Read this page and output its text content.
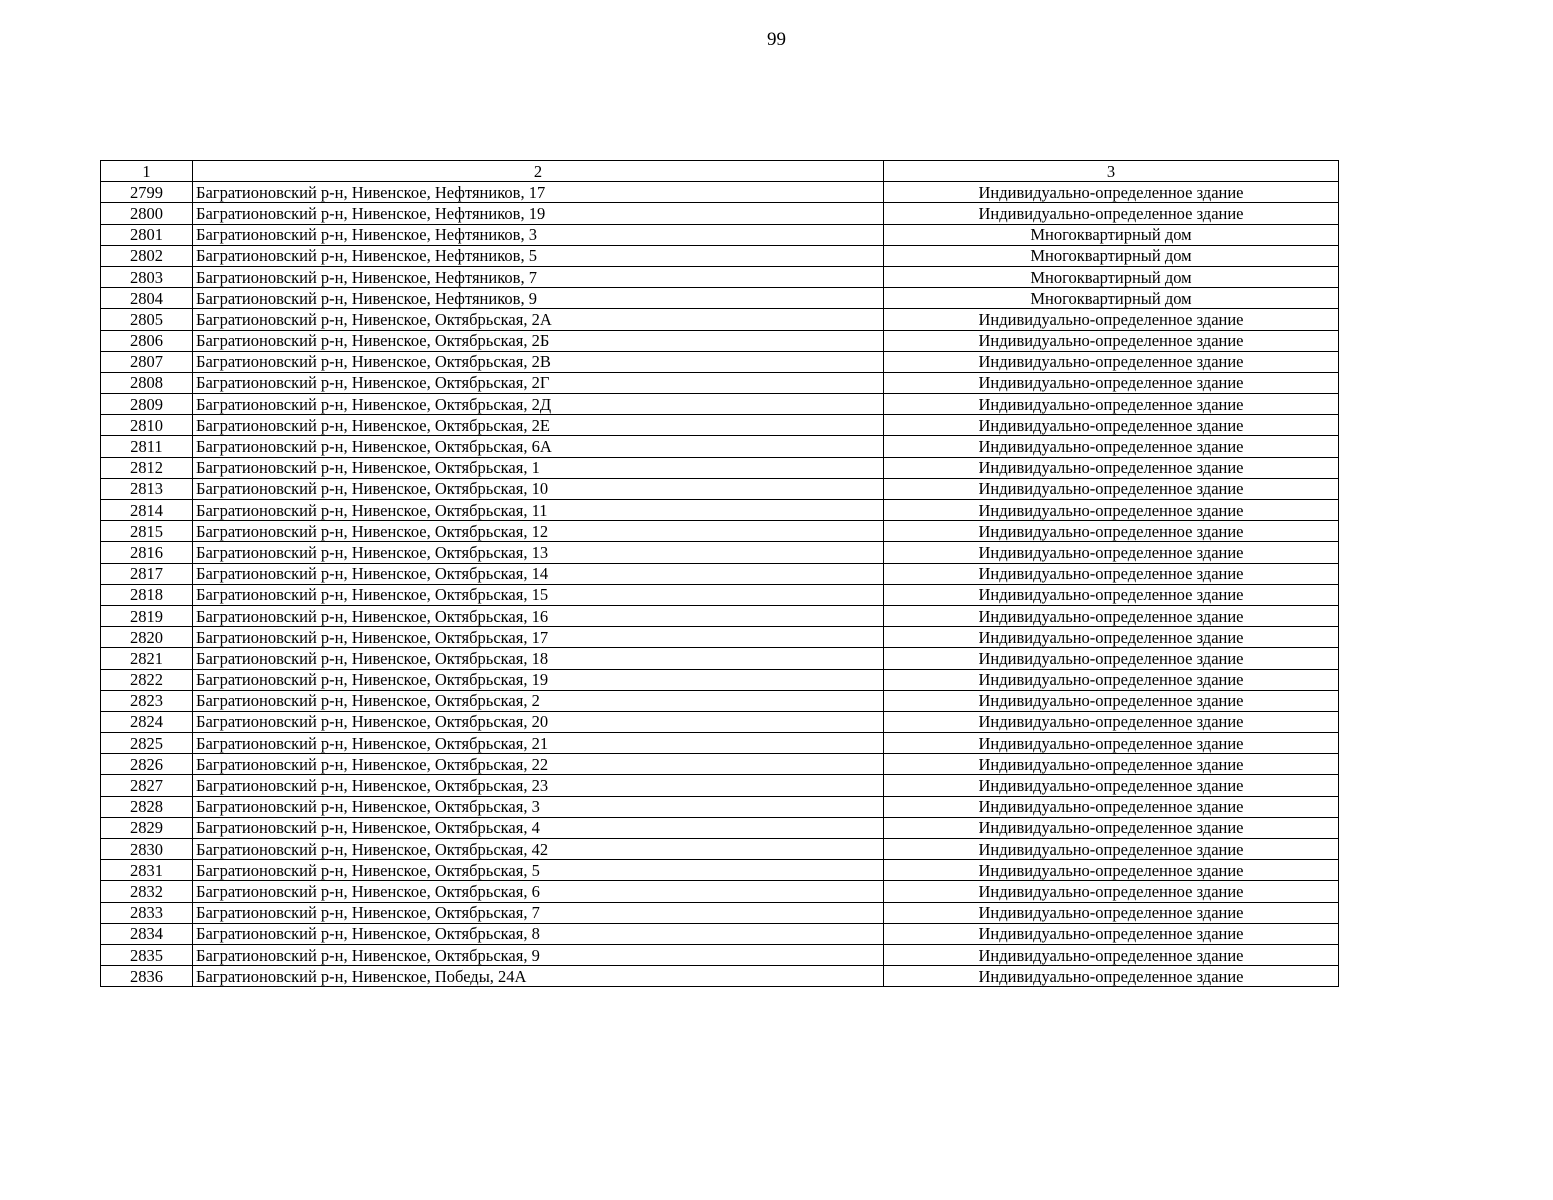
99
1	2	3
2799	Багратионовский р-н, Нивенское, Нефтяников, 17	Индивидуально-определенное здание
2800	Багратионовский р-н, Нивенское, Нефтяников, 19	Индивидуально-определенное здание
2801	Багратионовский р-н, Нивенское, Нефтяников, 3	Многоквартирный дом
2802	Багратионовский р-н, Нивенское, Нефтяников, 5	Многоквартирный дом
2803	Багратионовский р-н, Нивенское, Нефтяников, 7	Многоквартирный дом
2804	Багратионовский р-н, Нивенское, Нефтяников, 9	Многоквартирный дом
2805	Багратионовский р-н, Нивенское, Октябрьская, 2А	Индивидуально-определенное здание
2806	Багратионовский р-н, Нивенское, Октябрьская, 2Б	Индивидуально-определенное здание
2807	Багратионовский р-н, Нивенское, Октябрьская, 2В	Индивидуально-определенное здание
2808	Багратионовский р-н, Нивенское, Октябрьская, 2Г	Индивидуально-определенное здание
2809	Багратионовский р-н, Нивенское, Октябрьская, 2Д	Индивидуально-определенное здание
2810	Багратионовский р-н, Нивенское, Октябрьская, 2Е	Индивидуально-определенное здание
2811	Багратионовский р-н, Нивенское, Октябрьская, 6А	Индивидуально-определенное здание
2812	Багратионовский р-н, Нивенское, Октябрьская, 1	Индивидуально-определенное здание
2813	Багратионовский р-н, Нивенское, Октябрьская, 10	Индивидуально-определенное здание
2814	Багратионовский р-н, Нивенское, Октябрьская, 11	Индивидуально-определенное здание
2815	Багратионовский р-н, Нивенское, Октябрьская, 12	Индивидуально-определенное здание
2816	Багратионовский р-н, Нивенское, Октябрьская, 13	Индивидуально-определенное здание
2817	Багратионовский р-н, Нивенское, Октябрьская, 14	Индивидуально-определенное здание
2818	Багратионовский р-н, Нивенское, Октябрьская, 15	Индивидуально-определенное здание
2819	Багратионовский р-н, Нивенское, Октябрьская, 16	Индивидуально-определенное здание
2820	Багратионовский р-н, Нивенское, Октябрьская, 17	Индивидуально-определенное здание
2821	Багратионовский р-н, Нивенское, Октябрьская, 18	Индивидуально-определенное здание
2822	Багратионовский р-н, Нивенское, Октябрьская, 19	Индивидуально-определенное здание
2823	Багратионовский р-н, Нивенское, Октябрьская, 2	Индивидуально-определенное здание
2824	Багратионовский р-н, Нивенское, Октябрьская, 20	Индивидуально-определенное здание
2825	Багратионовский р-н, Нивенское, Октябрьская, 21	Индивидуально-определенное здание
2826	Багратионовский р-н, Нивенское, Октябрьская, 22	Индивидуально-определенное здание
2827	Багратионовский р-н, Нивенское, Октябрьская, 23	Индивидуально-определенное здание
2828	Багратионовский р-н, Нивенское, Октябрьская, 3	Индивидуально-определенное здание
2829	Багратионовский р-н, Нивенское, Октябрьская, 4	Индивидуально-определенное здание
2830	Багратионовский р-н, Нивенское, Октябрьская, 42	Индивидуально-определенное здание
2831	Багратионовский р-н, Нивенское, Октябрьская, 5	Индивидуально-определенное здание
2832	Багратионовский р-н, Нивенское, Октябрьская, 6	Индивидуально-определенное здание
2833	Багратионовский р-н, Нивенское, Октябрьская, 7	Индивидуально-определенное здание
2834	Багратионовский р-н, Нивенское, Октябрьская, 8	Индивидуально-определенное здание
2835	Багратионовский р-н, Нивенское, Октябрьская, 9	Индивидуально-определенное здание
2836	Багратионовский р-н, Нивенское, Победы, 24А	Индивидуально-определенное здание
